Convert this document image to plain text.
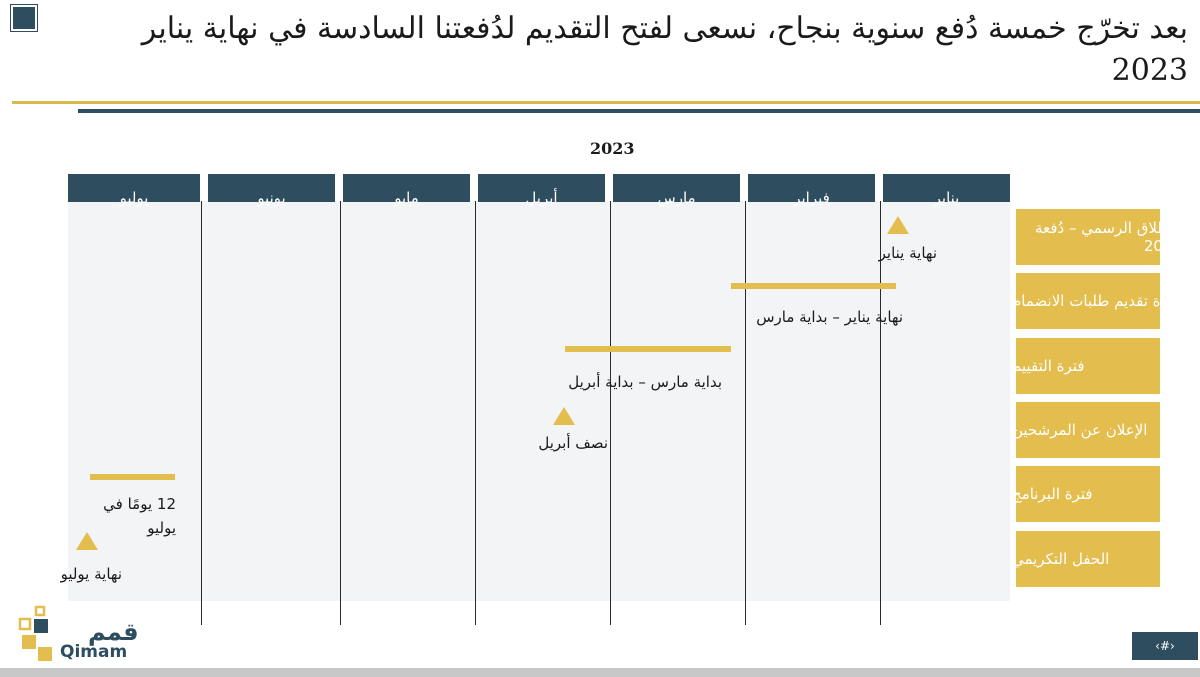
بعد تخرّج خمسة دُفع سنوية بنجاح، نسعى لفتح التقديم لدُفعتنا السادسة في نهاية يناير 2023
2023
يناير
فبراير
مارس
أبريل
مايو
يونيو
يوليو
الإطلاق الرسمي – دُفعة 2022
فترة تقديم طلبات الانضمام
فترة التقييم
الإعلان عن المرشحين
فترة البرنامج
الحفل التكريمي
نهاية يناير
نهاية يناير – بداية مارس
بداية مارس – بداية أبريل
نصف أبريل
12 يومًا في يوليو
نهاية يوليو
قمم
Qimam	‹#›
